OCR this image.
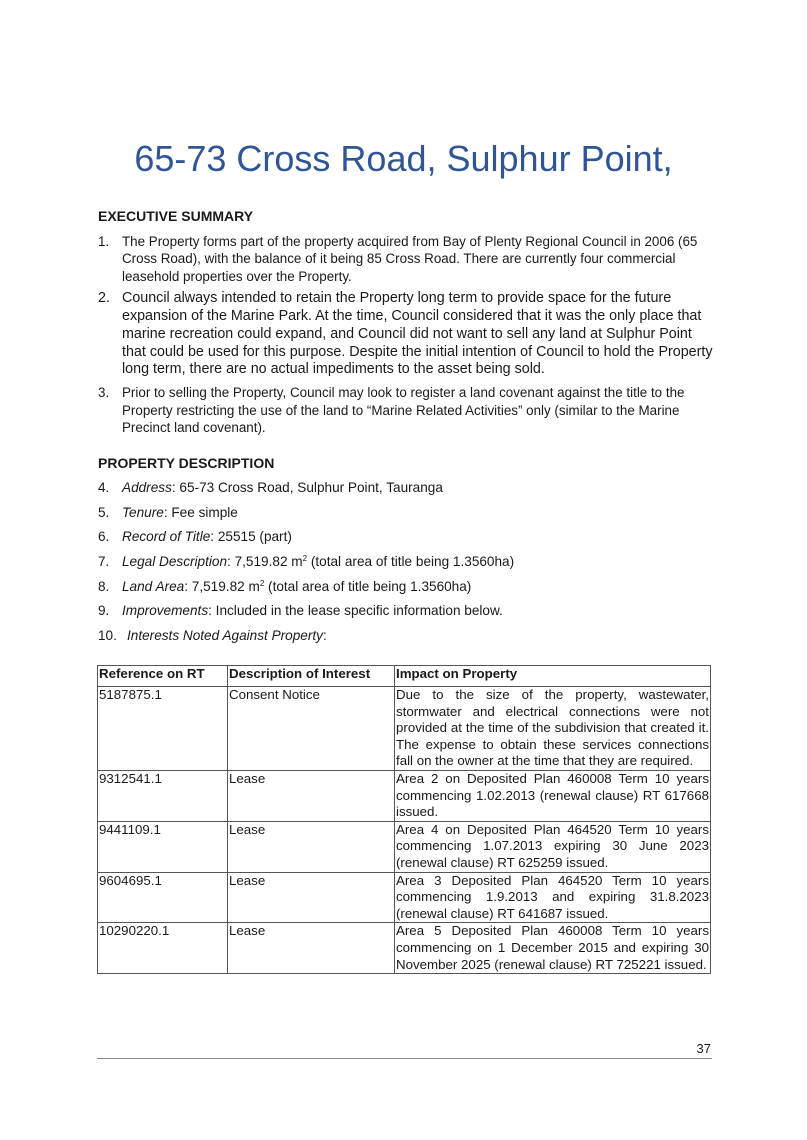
65-73 Cross Road, Sulphur Point,
EXECUTIVE SUMMARY
1. The Property forms part of the property acquired from Bay of Plenty Regional Council in 2006 (65 Cross Road), with the balance of it being 85 Cross Road. There are currently four commercial leasehold properties over the Property.
2. Council always intended to retain the Property long term to provide space for the future expansion of the Marine Park. At the time, Council considered that it was the only place that marine recreation could expand, and Council did not want to sell any land at Sulphur Point that could be used for this purpose. Despite the initial intention of Council to hold the Property long term, there are no actual impediments to the asset being sold.
3. Prior to selling the Property, Council may look to register a land covenant against the title to the Property restricting the use of the land to “Marine Related Activities” only (similar to the Marine Precinct land covenant).
PROPERTY DESCRIPTION
4. Address: 65-73 Cross Road, Sulphur Point, Tauranga
5. Tenure: Fee simple
6. Record of Title: 25515 (part)
7. Legal Description: 7,519.82 $m^2$ (total area of title being 1.3560ha)
8. Land Area: 7,519.82 $m^2$ (total area of title being 1.3560ha)
9. Improvements: Included in the lease specific information below.
10. Interests Noted Against Property:
Reference on RT	Description of Interest	Impact on Property
5187875.1	Consent Notice	Due to the size of the property, wastewater, stormwater and electrical connections were not provided at the time of the subdivision that created it. The expense to obtain these services connections fall on the owner at the time that they are required.
9312541.1	Lease	Area 2 on Deposited Plan 460008 Term 10 years commencing 1.02.2013 (renewal clause) RT 617668 issued.
9441109.1	Lease	Area 4 on Deposited Plan 464520 Term 10 years commencing 1.07.2013 expiring 30 June 2023 (renewal clause) RT 625259 issued.
9604695.1	Lease	Area 3 Deposited Plan 464520 Term 10 years commencing 1.9.2013 and expiring 31.8.2023 (renewal clause) RT 641687 issued.
10290220.1	Lease	Area 5 Deposited Plan 460008 Term 10 years commencing on 1 December 2015 and expiring 30 November 2025 (renewal clause) RT 725221 issued.
37
